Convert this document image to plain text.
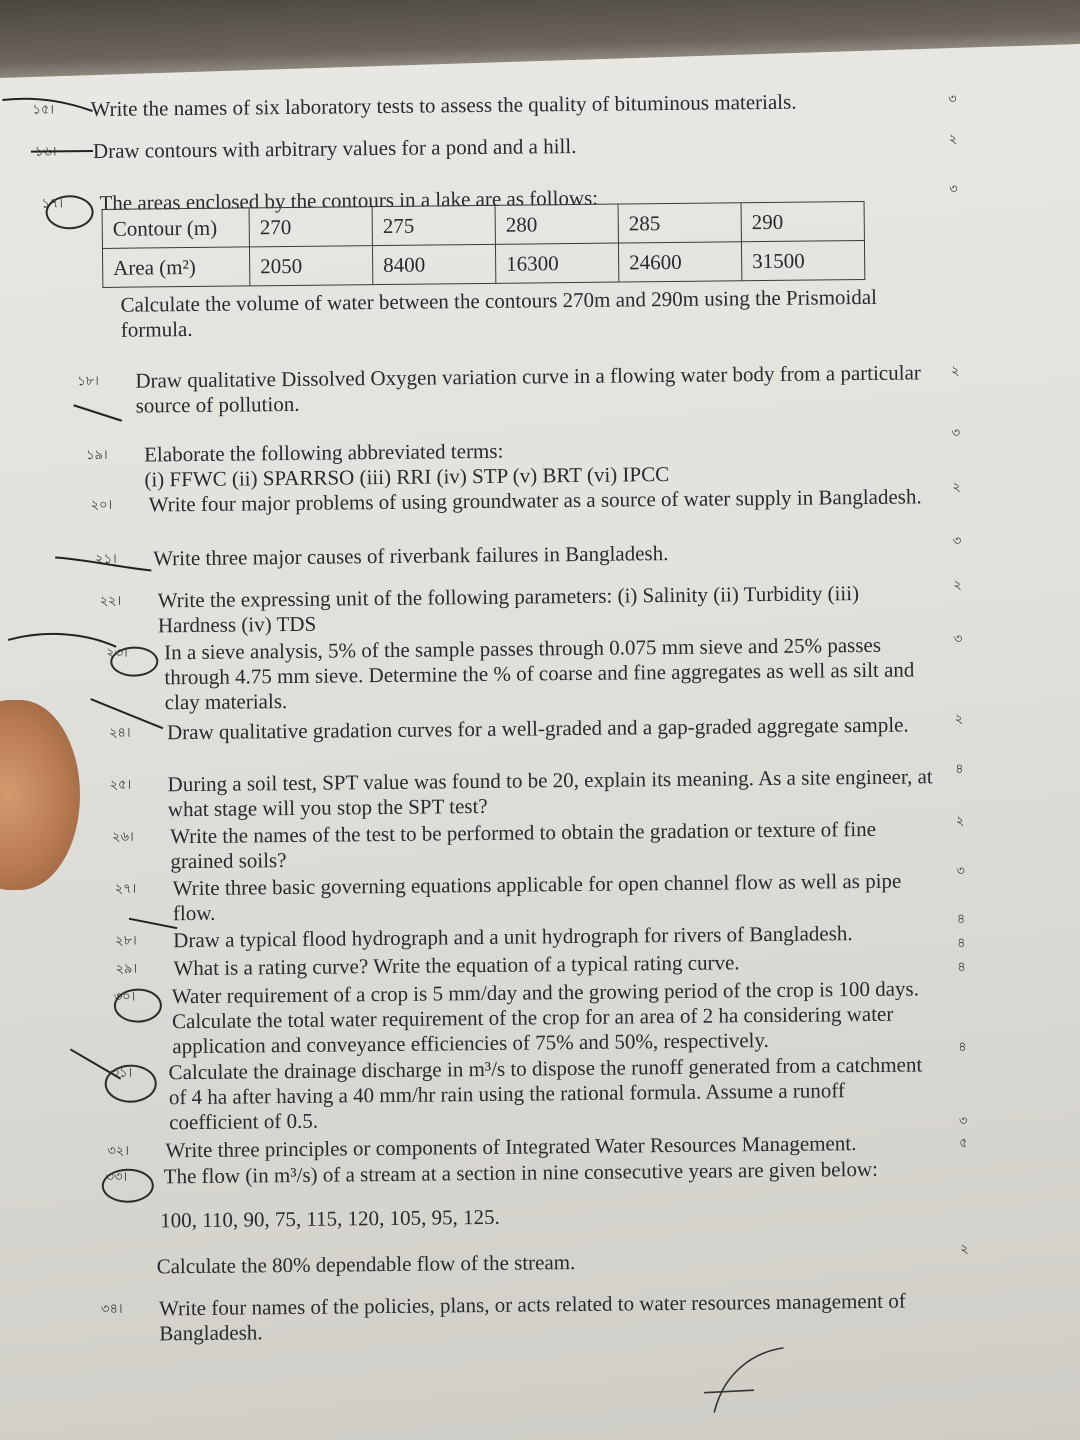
১৫।	Write the names of six laboratory tests to assess the quality of bituminous materials.
১৬।	Draw contours with arbitrary values for a pond and a hill.
১৭।	The areas enclosed by the contours in a lake are as follows:
Contour (m)	270	275	280	285	290
Area (m²)	2050	8400	16300	24600	31500
Calculate the volume of water between the contours 270m and 290m using the Prismoidal formula.
১৮।	Draw qualitative Dissolved Oxygen variation curve in a flowing water body from a particular source of pollution.
১৯।	Elaborate the following abbreviated terms:
(i) FFWC (ii) SPARRSO (iii) RRI (iv) STP (v) BRT (vi) IPCC
২০।	Write four major problems of using groundwater as a source of water supply in Bangladesh.
২১।	Write three major causes of riverbank failures in Bangladesh.
২২।	Write the expressing unit of the following parameters: (i) Salinity (ii) Turbidity (iii) Hardness (iv) TDS
২৩।	In a sieve analysis, 5% of the sample passes through 0.075 mm sieve and 25% passes through 4.75 mm sieve. Determine the % of coarse and fine aggregates as well as silt and clay materials.
২৪।	Draw qualitative gradation curves for a well-graded and a gap-graded aggregate sample.
২৫।	During a soil test, SPT value was found to be 20, explain its meaning. As a site engineer, at what stage will you stop the SPT test?
২৬।	Write the names of the test to be performed to obtain the gradation or texture of fine grained soils?
২৭।	Write three basic governing equations applicable for open channel flow as well as pipe flow.
২৮।	Draw a typical flood hydrograph and a unit hydrograph for rivers of Bangladesh.
২৯।	What is a rating curve? Write the equation of a typical rating curve.
৩০।	Water requirement of a crop is 5 mm/day and the growing period of the crop is 100 days. Calculate the total water requirement of the crop for an area of 2 ha considering water application and conveyance efficiencies of 75% and 50%, respectively.
৩১।	Calculate the drainage discharge in m³/s to dispose the runoff generated from a catchment of 4 ha after having a 40 mm/hr rain using the rational formula. Assume a runoff coefficient of 0.5.
৩২।	Write three principles or components of Integrated Water Resources Management.
৩৩।	The flow (in m³/s) of a stream at a section in nine consecutive years are given below:
100, 110, 90, 75, 115, 120, 105, 95, 125.
Calculate the 80% dependable flow of the stream.
৩৪।	Write four names of the policies, plans, or acts related to water resources management of Bangladesh.
৩
২
৩
২
৩
২
৩
২
৩
২
৪
২
৩
৪
৪
৪
৪
৩
৫
২
